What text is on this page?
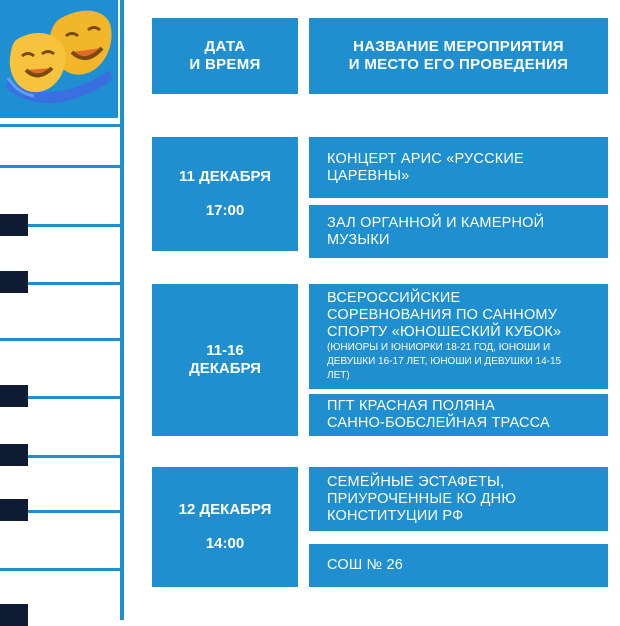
ДАТА
И ВРЕМЯ
НАЗВАНИЕ МЕРОПРИЯТИЯ
И МЕСТО ЕГО ПРОВЕДЕНИЯ
11 ДЕКАБРЯ
17:00
КОНЦЕРТ АРИС «РУССКИЕ
ЦАРЕВНЫ»
ЗАЛ ОРГАННОЙ И КАМЕРНОЙ
МУЗЫКИ
11-16
ДЕКАБРЯ
ВСЕРОССИЙСКИЕ
СОРЕВНОВАНИЯ ПО САННОМУ
СПОРТУ «ЮНОШЕСКИЙ КУБОК»
(ЮНИОРЫ И ЮНИОРКИ 18-21 ГОД, ЮНОШИ И
ДЕВУШКИ 16-17 ЛЕТ, ЮНОШИ И ДЕВУШКИ 14-15
ЛЕТ)
ПГТ КРАСНАЯ ПОЛЯНА
САННО-БОБСЛЕЙНАЯ ТРАССА
12 ДЕКАБРЯ
14:00
СЕМЕЙНЫЕ ЭСТАФЕТЫ,
ПРИУРОЧЕННЫЕ КО ДНЮ
КОНСТИТУЦИИ РФ
СОШ № 26
